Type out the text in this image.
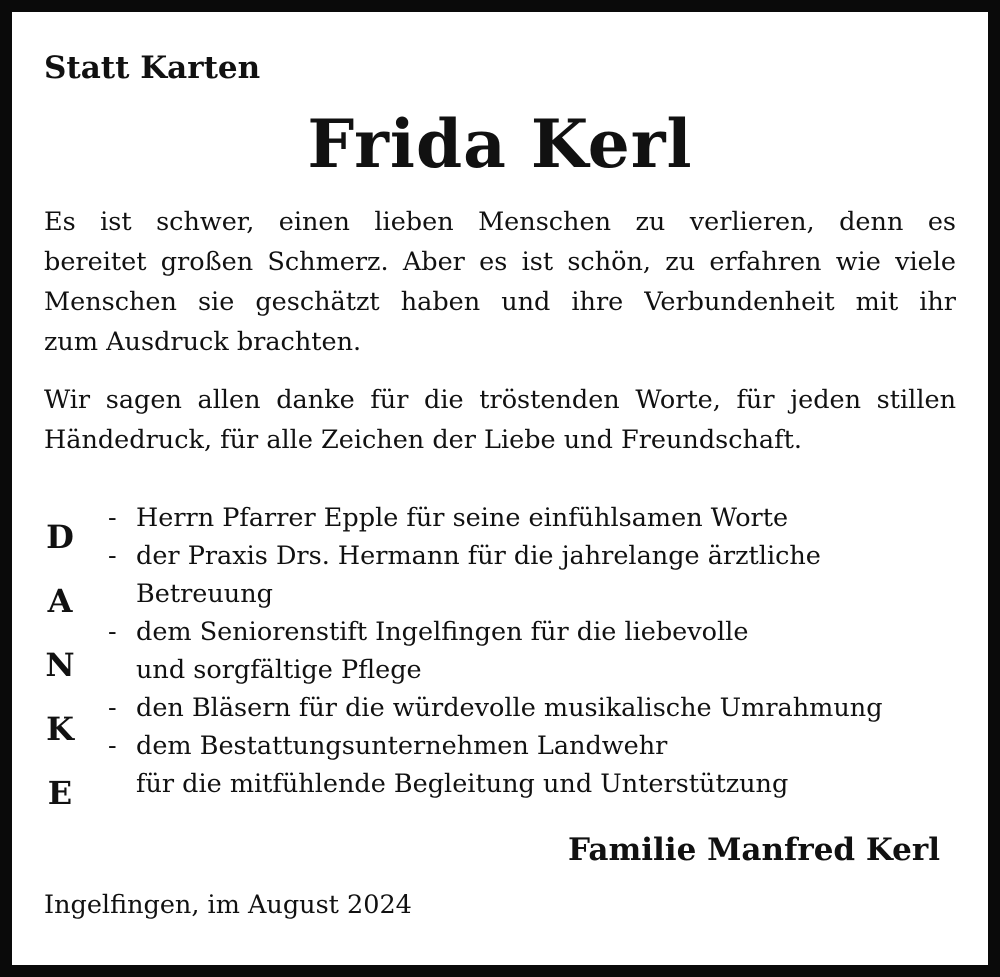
Statt Karten

Frida Kerl

Es ist schwer, einen lieben Menschen zu verlieren, denn es
bereitet großen Schmerz. Aber es ist schön, zu erfahren wie viele
Menschen sie geschätzt haben und ihre Verbundenheit mit ihr
zum Ausdruck brachten.

Wir sagen allen danke für die tröstenden Worte, für jeden stillen
Händedruck, für alle Zeichen der Liebe und Freundschaft.

D
A
N
K
E
- Herrn Pfarrer Epple für seine einfühlsamen Worte
- der Praxis Drs. Hermann für die jahrelange ärztliche
Betreuung
- dem Seniorenstift Ingelfingen für die liebevolle
und sorgfältige Pflege
- den Bläsern für die würdevolle musikalische Umrahmung
- dem Bestattungsunternehmen Landwehr
für die mitfühlende Begleitung und Unterstützung

Familie Manfred Kerl

Ingelfingen, im August 2024
